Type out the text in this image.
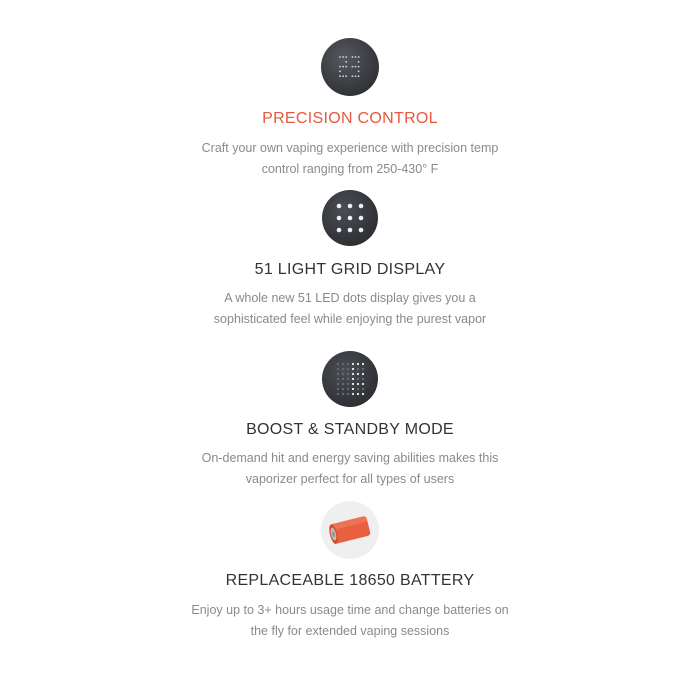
PRECISION CONTROL

Craft your own vaping experience with precision temp
control ranging from 250-430° F

51 LIGHT GRID DISPLAY

A whole new 51 LED dots display gives you a
sophisticated feel while enjoying the purest vapor

BOOST & STANDBY MODE

On-demand hit and energy saving abilities makes this
vaporizer perfect for all types of users

REPLACEABLE 18650 BATTERY

Enjoy up to 3+ hours usage time and change batteries on
the fly for extended vaping sessions
